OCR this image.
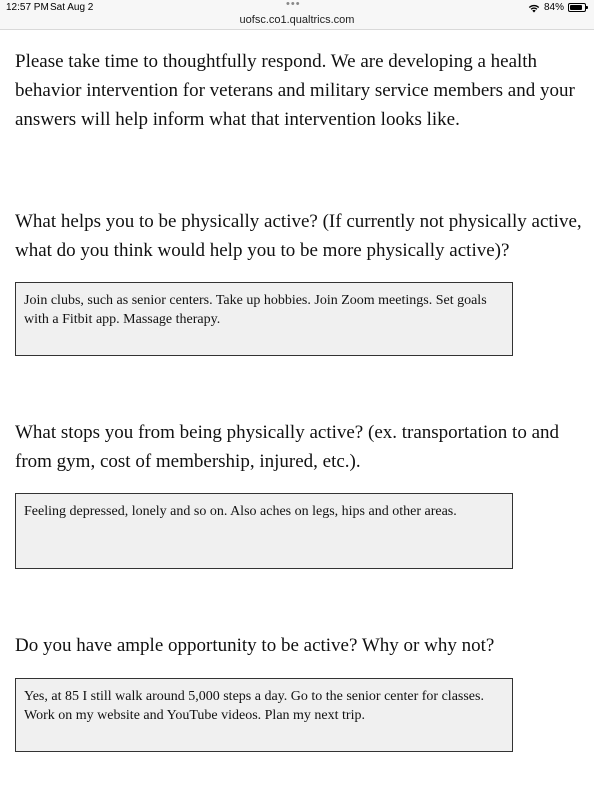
12:57 PM Sat Aug 2	•••
uofsc.co1.qualtrics.com
84%

Please take time to thoughtfully respond. We are developing a health behavior intervention for veterans and military service members and your answers will help inform what that intervention looks like.

What helps you to be physically active? (If currently not physically active, what do you think would help you to be more physically active)?

Join clubs, such as senior centers. Take up hobbies. Join Zoom meetings. Set goals with a Fitbit app. Massage therapy.

What stops you from being physically active? (ex. transportation to and from gym, cost of membership, injured, etc.).

Feeling depressed, lonely and so on. Also aches on legs, hips and other areas.

Do you have ample opportunity to be active? Why or why not?

Yes, at 85 I still walk around 5,000 steps a day. Go to the senior center for classes. Work on my website and YouTube videos. Plan my next trip.
